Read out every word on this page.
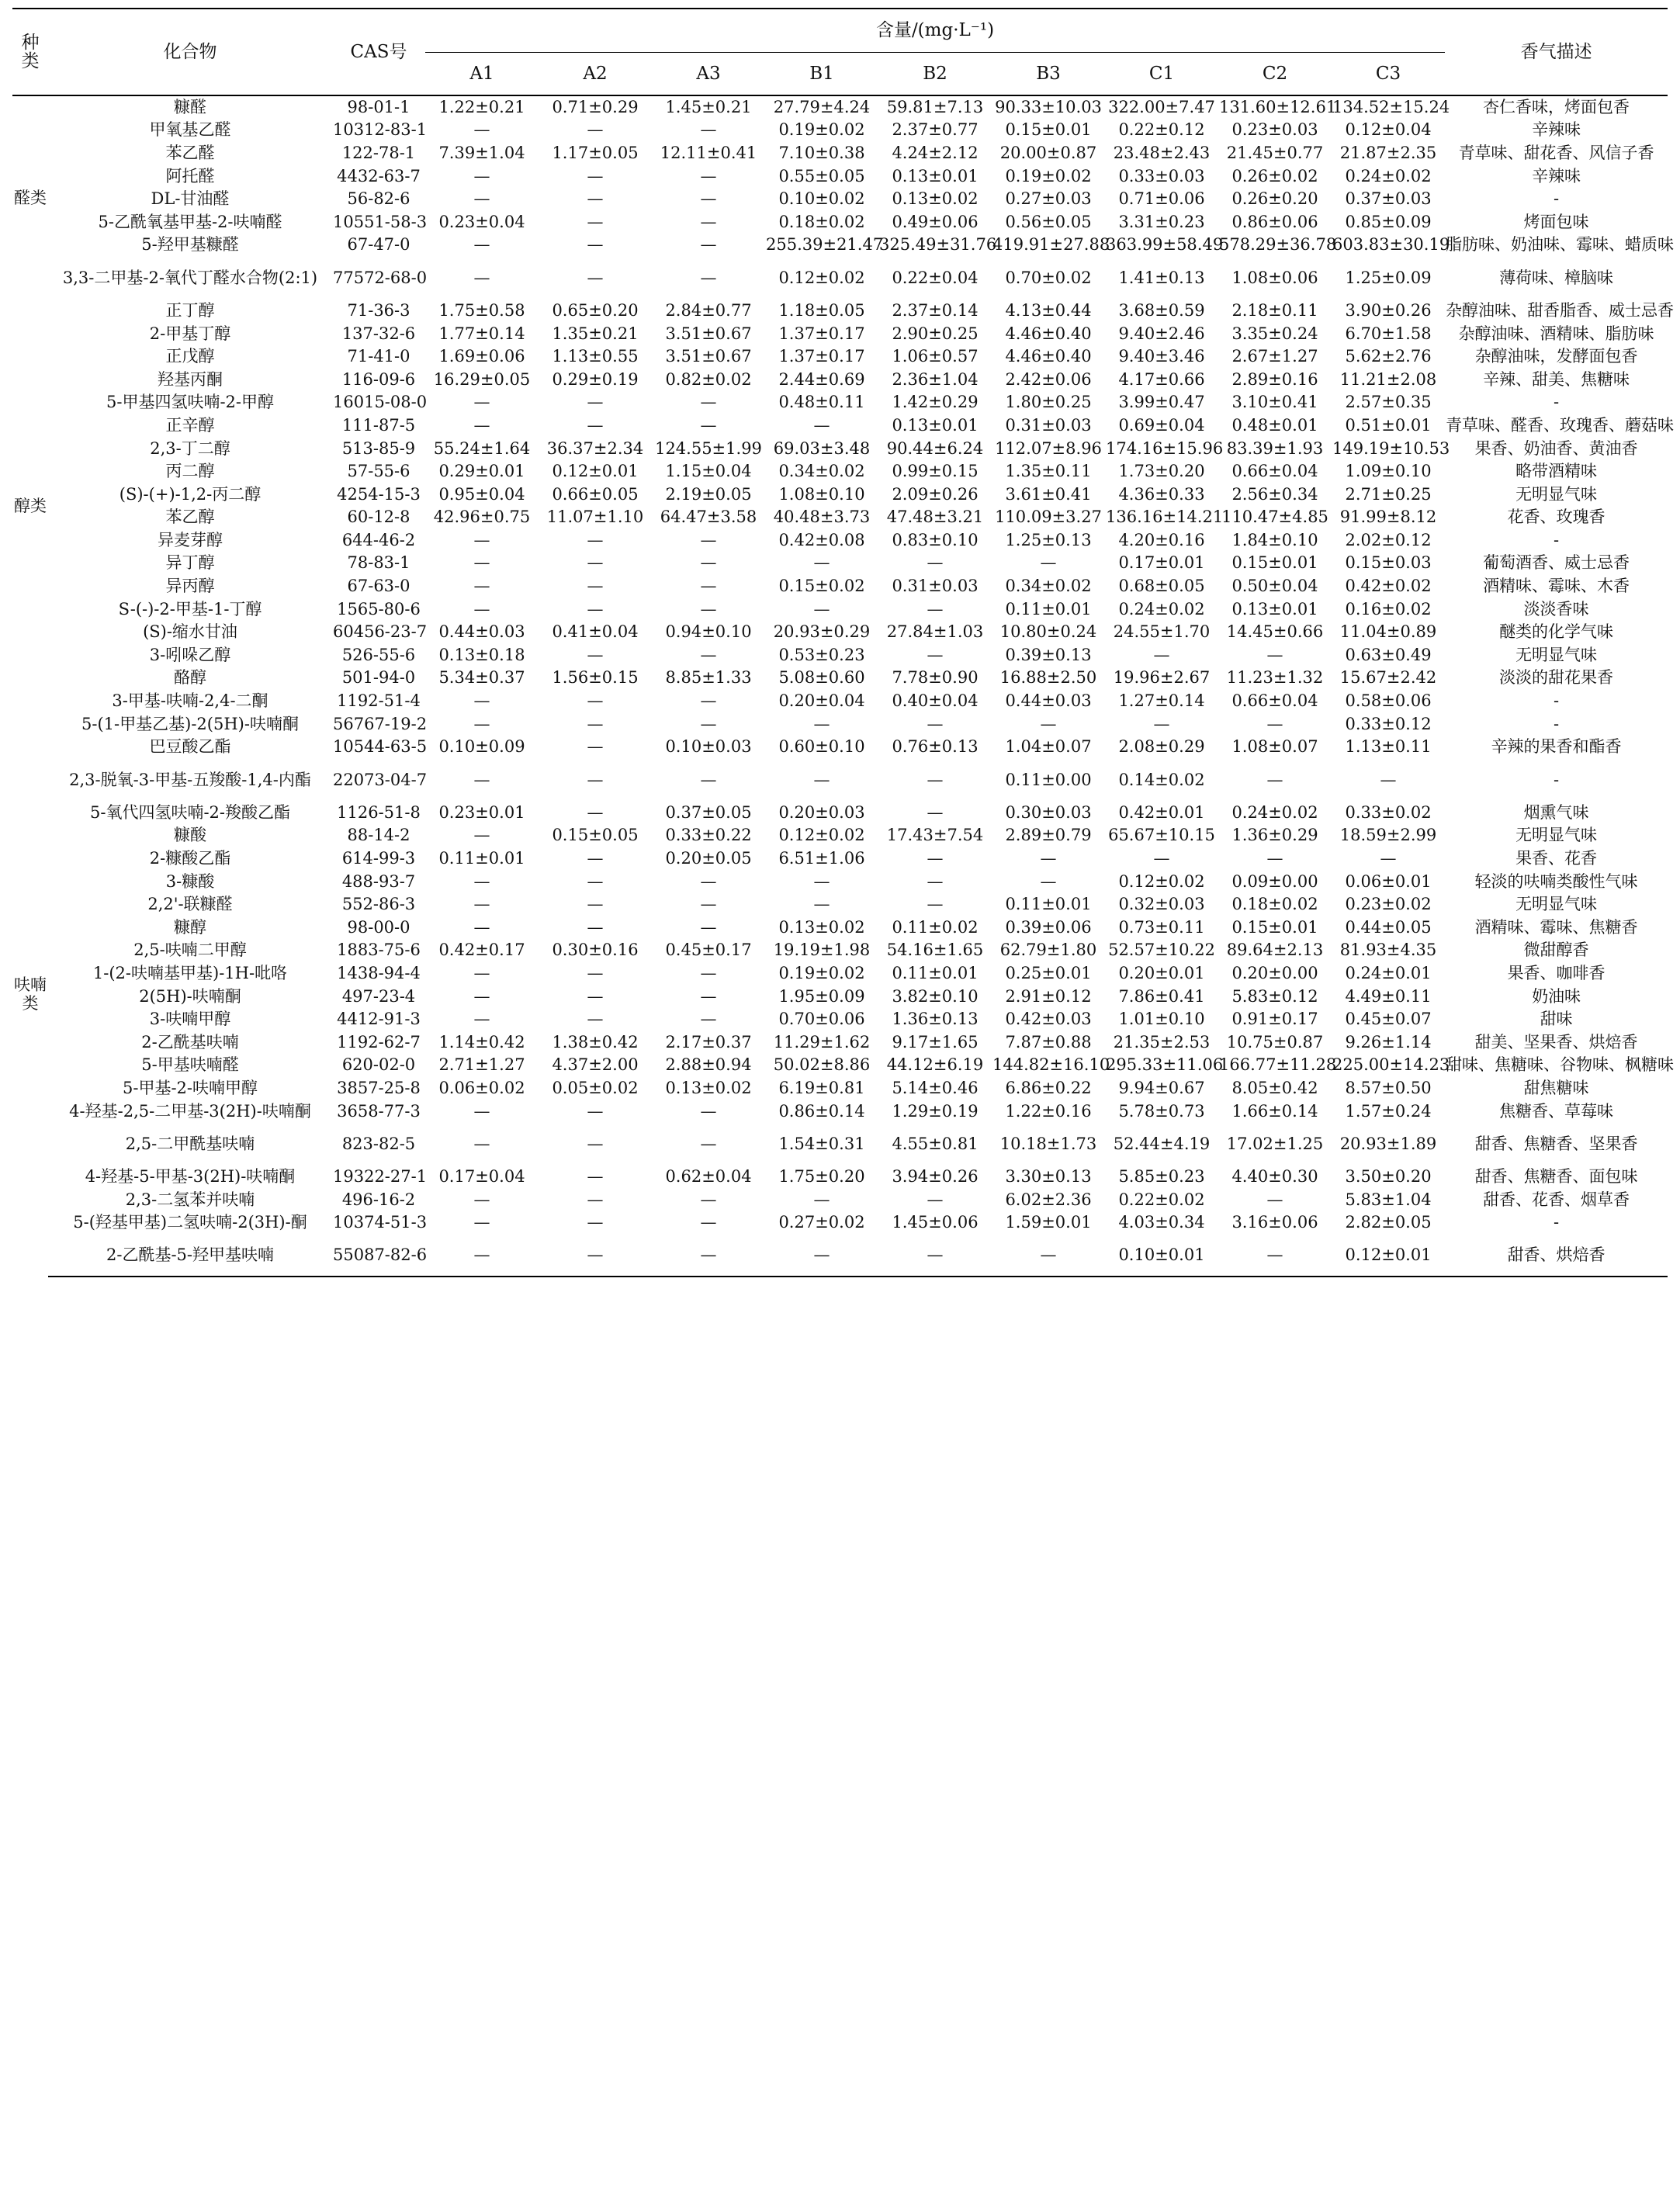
种类	化合物	CAS号	含量/(mg·L⁻¹)									香气描述
			A1	A2	A3	B1	B2	B3	C1	C2	C3	
醛类	糠醛	98-01-1	1.22±0.21	0.71±0.29	1.45±0.21	27.79±4.24	59.81±7.13	90.33±10.03	322.00±7.47	131.60±12.61	134.52±15.24	杏仁香味，烤面包香
	甲氧基乙醛	10312-83-1	—	—	—	0.19±0.02	2.37±0.77	0.15±0.01	0.22±0.12	0.23±0.03	0.12±0.04	辛辣味
	苯乙醛	122-78-1	7.39±1.04	1.17±0.05	12.11±0.41	7.10±0.38	4.24±2.12	20.00±0.87	23.48±2.43	21.45±0.77	21.87±2.35	青草味、甜花香、风信子香
	阿托醛	4432-63-7	—	—	—	0.55±0.05	0.13±0.01	0.19±0.02	0.33±0.03	0.26±0.02	0.24±0.02	辛辣味
	DL-甘油醛	56-82-6	—	—	—	0.10±0.02	0.13±0.02	0.27±0.03	0.71±0.06	0.26±0.20	0.37±0.03	-
	5-乙酰氧基甲基-2-呋喃醛	10551-58-3	0.23±0.04	—	—	0.18±0.02	0.49±0.06	0.56±0.05	3.31±0.23	0.86±0.06	0.85±0.09	烤面包味
	5-羟甲基糠醛	67-47-0	—	—	—	255.39±21.47	325.49±31.76	419.91±27.88	363.99±58.49	578.29±36.78	603.83±30.19	脂肪味、奶油味、霉味、蜡质味
	3,3-二甲基-2-氧代丁醛水合物(2:1)	77572-68-0	—	—	—	0.12±0.02	0.22±0.04	0.70±0.02	1.41±0.13	1.08±0.06	1.25±0.09	薄荷味、樟脑味
醇类	正丁醇	71-36-3	1.75±0.58	0.65±0.20	2.84±0.77	1.18±0.05	2.37±0.14	4.13±0.44	3.68±0.59	2.18±0.11	3.90±0.26	杂醇油味、甜香脂香、威士忌香
	2-甲基丁醇	137-32-6	1.77±0.14	1.35±0.21	3.51±0.67	1.37±0.17	2.90±0.25	4.46±0.40	9.40±2.46	3.35±0.24	6.70±1.58	杂醇油味、酒精味、脂肪味
	正戊醇	71-41-0	1.69±0.06	1.13±0.55	3.51±0.67	1.37±0.17	1.06±0.57	4.46±0.40	9.40±3.46	2.67±1.27	5.62±2.76	杂醇油味，发酵面包香
	羟基丙酮	116-09-6	16.29±0.05	0.29±0.19	0.82±0.02	2.44±0.69	2.36±1.04	2.42±0.06	4.17±0.66	2.89±0.16	11.21±2.08	辛辣、甜美、焦糖味
	5-甲基四氢呋喃-2-甲醇	16015-08-0	—	—	—	0.48±0.11	1.42±0.29	1.80±0.25	3.99±0.47	3.10±0.41	2.57±0.35	-
	正辛醇	111-87-5	—	—	—	—	0.13±0.01	0.31±0.03	0.69±0.04	0.48±0.01	0.51±0.01	青草味、醛香、玫瑰香、蘑菇味
	2,3-丁二醇	513-85-9	55.24±1.64	36.37±2.34	124.55±1.99	69.03±3.48	90.44±6.24	112.07±8.96	174.16±15.96	83.39±1.93	149.19±10.53	果香、奶油香、黄油香
	丙二醇	57-55-6	0.29±0.01	0.12±0.01	1.15±0.04	0.34±0.02	0.99±0.15	1.35±0.11	1.73±0.20	0.66±0.04	1.09±0.10	略带酒精味
	(S)-(+)-1,2-丙二醇	4254-15-3	0.95±0.04	0.66±0.05	2.19±0.05	1.08±0.10	2.09±0.26	3.61±0.41	4.36±0.33	2.56±0.34	2.71±0.25	无明显气味
	苯乙醇	60-12-8	42.96±0.75	11.07±1.10	64.47±3.58	40.48±3.73	47.48±3.21	110.09±3.27	136.16±14.21	110.47±4.85	91.99±8.12	花香、玫瑰香
	异麦芽醇	644-46-2	—	—	—	0.42±0.08	0.83±0.10	1.25±0.13	4.20±0.16	1.84±0.10	2.02±0.12	-
	异丁醇	78-83-1	—	—	—	—	—	—	0.17±0.01	0.15±0.01	0.15±0.03	葡萄酒香、威士忌香
	异丙醇	67-63-0	—	—	—	0.15±0.02	0.31±0.03	0.34±0.02	0.68±0.05	0.50±0.04	0.42±0.02	酒精味、霉味、木香
	S-(-)-2-甲基-1-丁醇	1565-80-6	—	—	—	—	—	0.11±0.01	0.24±0.02	0.13±0.01	0.16±0.02	淡淡香味
	(S)-缩水甘油	60456-23-7	0.44±0.03	0.41±0.04	0.94±0.10	20.93±0.29	27.84±1.03	10.80±0.24	24.55±1.70	14.45±0.66	11.04±0.89	醚类的化学气味
	3-吲哚乙醇	526-55-6	0.13±0.18	—	—	0.53±0.23	—	0.39±0.13	—	—	0.63±0.49	无明显气味
	酪醇	501-94-0	5.34±0.37	1.56±0.15	8.85±1.33	5.08±0.60	7.78±0.90	16.88±2.50	19.96±2.67	11.23±1.32	15.67±2.42	淡淡的甜花果香
	3-甲基-呋喃-2,4-二酮	1192-51-4	—	—	—	0.20±0.04	0.40±0.04	0.44±0.03	1.27±0.14	0.66±0.04	0.58±0.06	-
呋喃类	5-(1-甲基乙基)-2(5H)-呋喃酮	56767-19-2	—	—	—	—	—	—	—	—	0.33±0.12	-
	巴豆酸乙酯	10544-63-5	0.10±0.09	—	0.10±0.03	0.60±0.10	0.76±0.13	1.04±0.07	2.08±0.29	1.08±0.07	1.13±0.11	辛辣的果香和酯香
	2,3-脱氧-3-甲基-五羧酸-1,4-内酯	22073-04-7	—	—	—	—	—	0.11±0.00	0.14±0.02	—	—	-
	5-氧代四氢呋喃-2-羧酸乙酯	1126-51-8	0.23±0.01	—	0.37±0.05	0.20±0.03	—	0.30±0.03	0.42±0.01	0.24±0.02	0.33±0.02	烟熏气味
	糠酸	88-14-2	—	0.15±0.05	0.33±0.22	0.12±0.02	17.43±7.54	2.89±0.79	65.67±10.15	1.36±0.29	18.59±2.99	无明显气味
	2-糠酸乙酯	614-99-3	0.11±0.01	—	0.20±0.05	6.51±1.06	—	—	—	—	—	果香、花香
	3-糠酸	488-93-7	—	—	—	—	—	—	0.12±0.02	0.09±0.00	0.06±0.01	轻淡的呋喃类酸性气味
	2,2'-联糠醛	552-86-3	—	—	—	—	—	0.11±0.01	0.32±0.03	0.18±0.02	0.23±0.02	无明显气味
	糠醇	98-00-0	—	—	—	0.13±0.02	0.11±0.02	0.39±0.06	0.73±0.11	0.15±0.01	0.44±0.05	酒精味、霉味、焦糖香
	2,5-呋喃二甲醇	1883-75-6	0.42±0.17	0.30±0.16	0.45±0.17	19.19±1.98	54.16±1.65	62.79±1.80	52.57±10.22	89.64±2.13	81.93±4.35	微甜醇香
	1-(2-呋喃基甲基)-1H-吡咯	1438-94-4	—	—	—	0.19±0.02	0.11±0.01	0.25±0.01	0.20±0.01	0.20±0.00	0.24±0.01	果香、咖啡香
	2(5H)-呋喃酮	497-23-4	—	—	—	1.95±0.09	3.82±0.10	2.91±0.12	7.86±0.41	5.83±0.12	4.49±0.11	奶油味
	3-呋喃甲醇	4412-91-3	—	—	—	0.70±0.06	1.36±0.13	0.42±0.03	1.01±0.10	0.91±0.17	0.45±0.07	甜味
	2-乙酰基呋喃	1192-62-7	1.14±0.42	1.38±0.42	2.17±0.37	11.29±1.62	9.17±1.65	7.87±0.88	21.35±2.53	10.75±0.87	9.26±1.14	甜美、坚果香、烘焙香
	5-甲基呋喃醛	620-02-0	2.71±1.27	4.37±2.00	2.88±0.94	50.02±8.86	44.12±6.19	144.82±16.10	295.33±11.06	166.77±11.28	225.00±14.23	甜味、焦糖味、谷物味、枫糖味
	5-甲基-2-呋喃甲醇	3857-25-8	0.06±0.02	0.05±0.02	0.13±0.02	6.19±0.81	5.14±0.46	6.86±0.22	9.94±0.67	8.05±0.42	8.57±0.50	甜焦糖味
	4-羟基-2,5-二甲基-3(2H)-呋喃酮	3658-77-3	—	—	—	0.86±0.14	1.29±0.19	1.22±0.16	5.78±0.73	1.66±0.14	1.57±0.24	焦糖香、草莓味
	2,5-二甲酰基呋喃	823-82-5	—	—	—	1.54±0.31	4.55±0.81	10.18±1.73	52.44±4.19	17.02±1.25	20.93±1.89	甜香、焦糖香、坚果香
	4-羟基-5-甲基-3(2H)-呋喃酮	19322-27-1	0.17±0.04	—	0.62±0.04	1.75±0.20	3.94±0.26	3.30±0.13	5.85±0.23	4.40±0.30	3.50±0.20	甜香、焦糖香、面包味
	2,3-二氢苯并呋喃	496-16-2	—	—	—	—	—	6.02±2.36	0.22±0.02	—	5.83±1.04	甜香、花香、烟草香
	5-(羟基甲基)二氢呋喃-2(3H)-酮	10374-51-3	—	—	—	0.27±0.02	1.45±0.06	1.59±0.01	4.03±0.34	3.16±0.06	2.82±0.05	-
	2-乙酰基-5-羟甲基呋喃	55087-82-6	—	—	—	—	—	—	0.10±0.01	—	0.12±0.01	甜香、烘焙香
